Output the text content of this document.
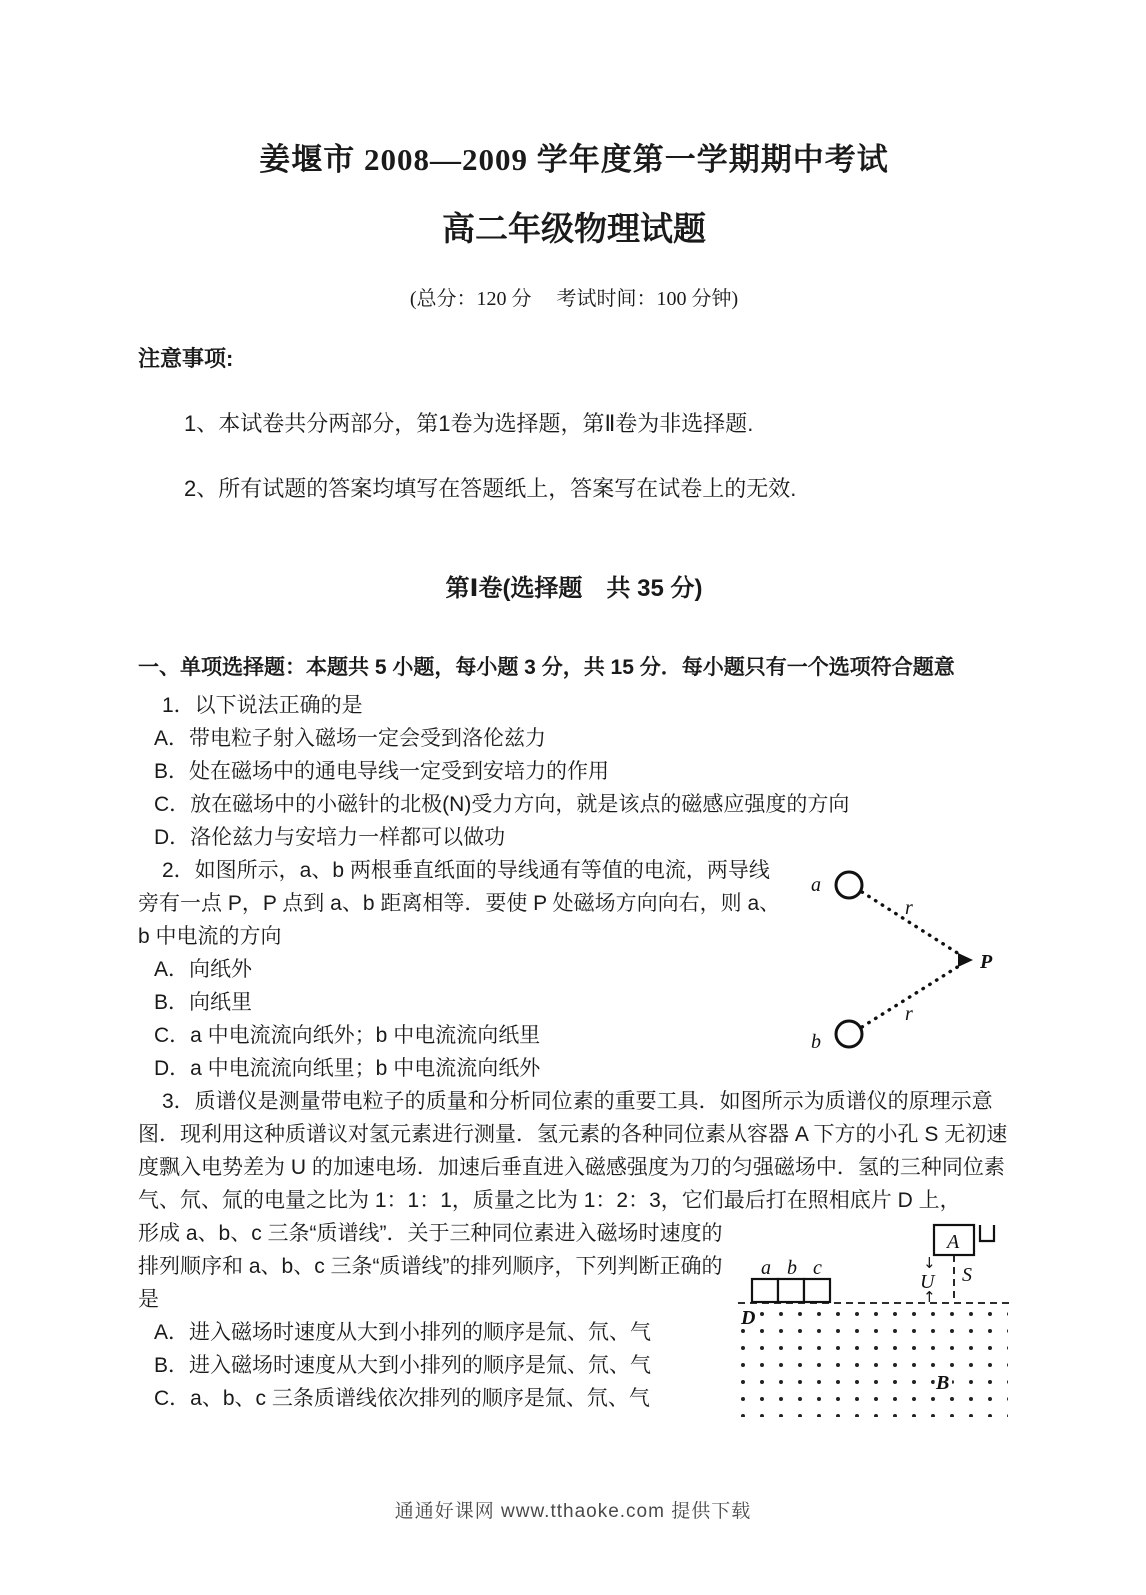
姜堰市 2008—2009 学年度第一学期期中考试
高二年级物理试题

(总分：120 分　 考试时间：100 分钟)

注意事项:

1、本试卷共分两部分，第1卷为选择题，第Ⅱ卷为非选择题.

2、所有试题的答案均填写在答题纸上，答案写在试卷上的无效.

第Ⅰ卷(选择题　共 35 分)

一、单项选择题：本题共 5 小题，每小题 3 分，共 15 分．每小题只有一个选项符合题意

1．以下说法正确的是

A．带电粒子射入磁场一定会受到洛伦兹力

B．处在磁场中的通电导线一定受到安培力的作用

C．放在磁场中的小磁针的北极(N)受力方向，就是该点的磁感应强度的方向

D．洛伦兹力与安培力一样都可以做功

a
b
r
r
P

2．如图所示，a、b 两根垂直纸面的导线通有等值的电流，两导线旁有一点 P，P 点到 a、b 距离相等．要使 P 处磁场方向向右，则 a、b 中电流的方向

A．向纸外

B．向纸里

C．a 中电流流向纸外；b 中电流流向纸里

D．a 中电流流向纸里；b 中电流流向纸外

3．质谱仪是测量带电粒子的质量和分析同位素的重要工具．如图所示为质谱仪的原理示意图．现利用这种质谱议对氢元素进行测量．氢元素的各种同位素从容器 A 下方的小孔 S 无初速度飘入电势差为 U 的加速电场．加速后垂直进入磁感强度为刀的匀强磁场中．氢的三种同位素气、氘、氚的电量之比为 1：1：1，质量之比为 1：2：3，它们最后打在照相底片 D 上，

D
a b c
A
S
↓
U
↑
B

形成 a、b、c 三条“质谱线”．关于三种同位素进入磁场时速度的排列顺序和 a、b、c 三条“质谱线”的排列顺序，下列判断正确的是

A．进入磁场时速度从大到小排列的顺序是氚、氘、气

B．进入磁场时速度从大到小排列的顺序是氚、氘、气

C．a、b、c 三条质谱线依次排列的顺序是氚、氘、气

通通好课网 www.tthaoke.com 提供下载
